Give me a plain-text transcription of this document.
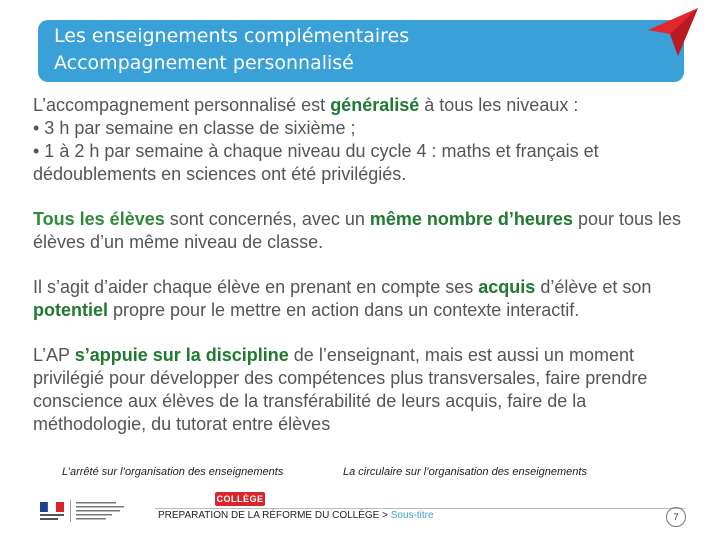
Les enseignements complémentaires
Accompagnement personnalisé

L’accompagnement personnalisé est généralisé à tous les niveaux :

• 3 h par semaine en classe de sixième ;

• 1 à 2 h par semaine à chaque niveau du cycle 4 : maths et français et dédoublements en sciences ont été privilégiés.

Tous les élèves sont concernés, avec un même nombre d’heures pour tous les élèves d’un même niveau de classe.

Il s’agit d’aider chaque élève en prenant en compte ses acquis d’élève et son potentiel propre pour le mettre en action dans un contexte interactif.

L’AP s’appuie sur la discipline de l’enseignant, mais est aussi un moment privilégié pour développer des compétences plus transversales, faire prendre conscience aux élèves de la transférabilité de leurs acquis, faire de la méthodologie, du tutorat entre élèves

L’arrêté sur l’organisation des enseignements	La circulaire sur l’organisation des enseignements
COLLÈGE
PREPARATION DE LA RÉFORME DU COLLÈGE > Sous-titre	7
